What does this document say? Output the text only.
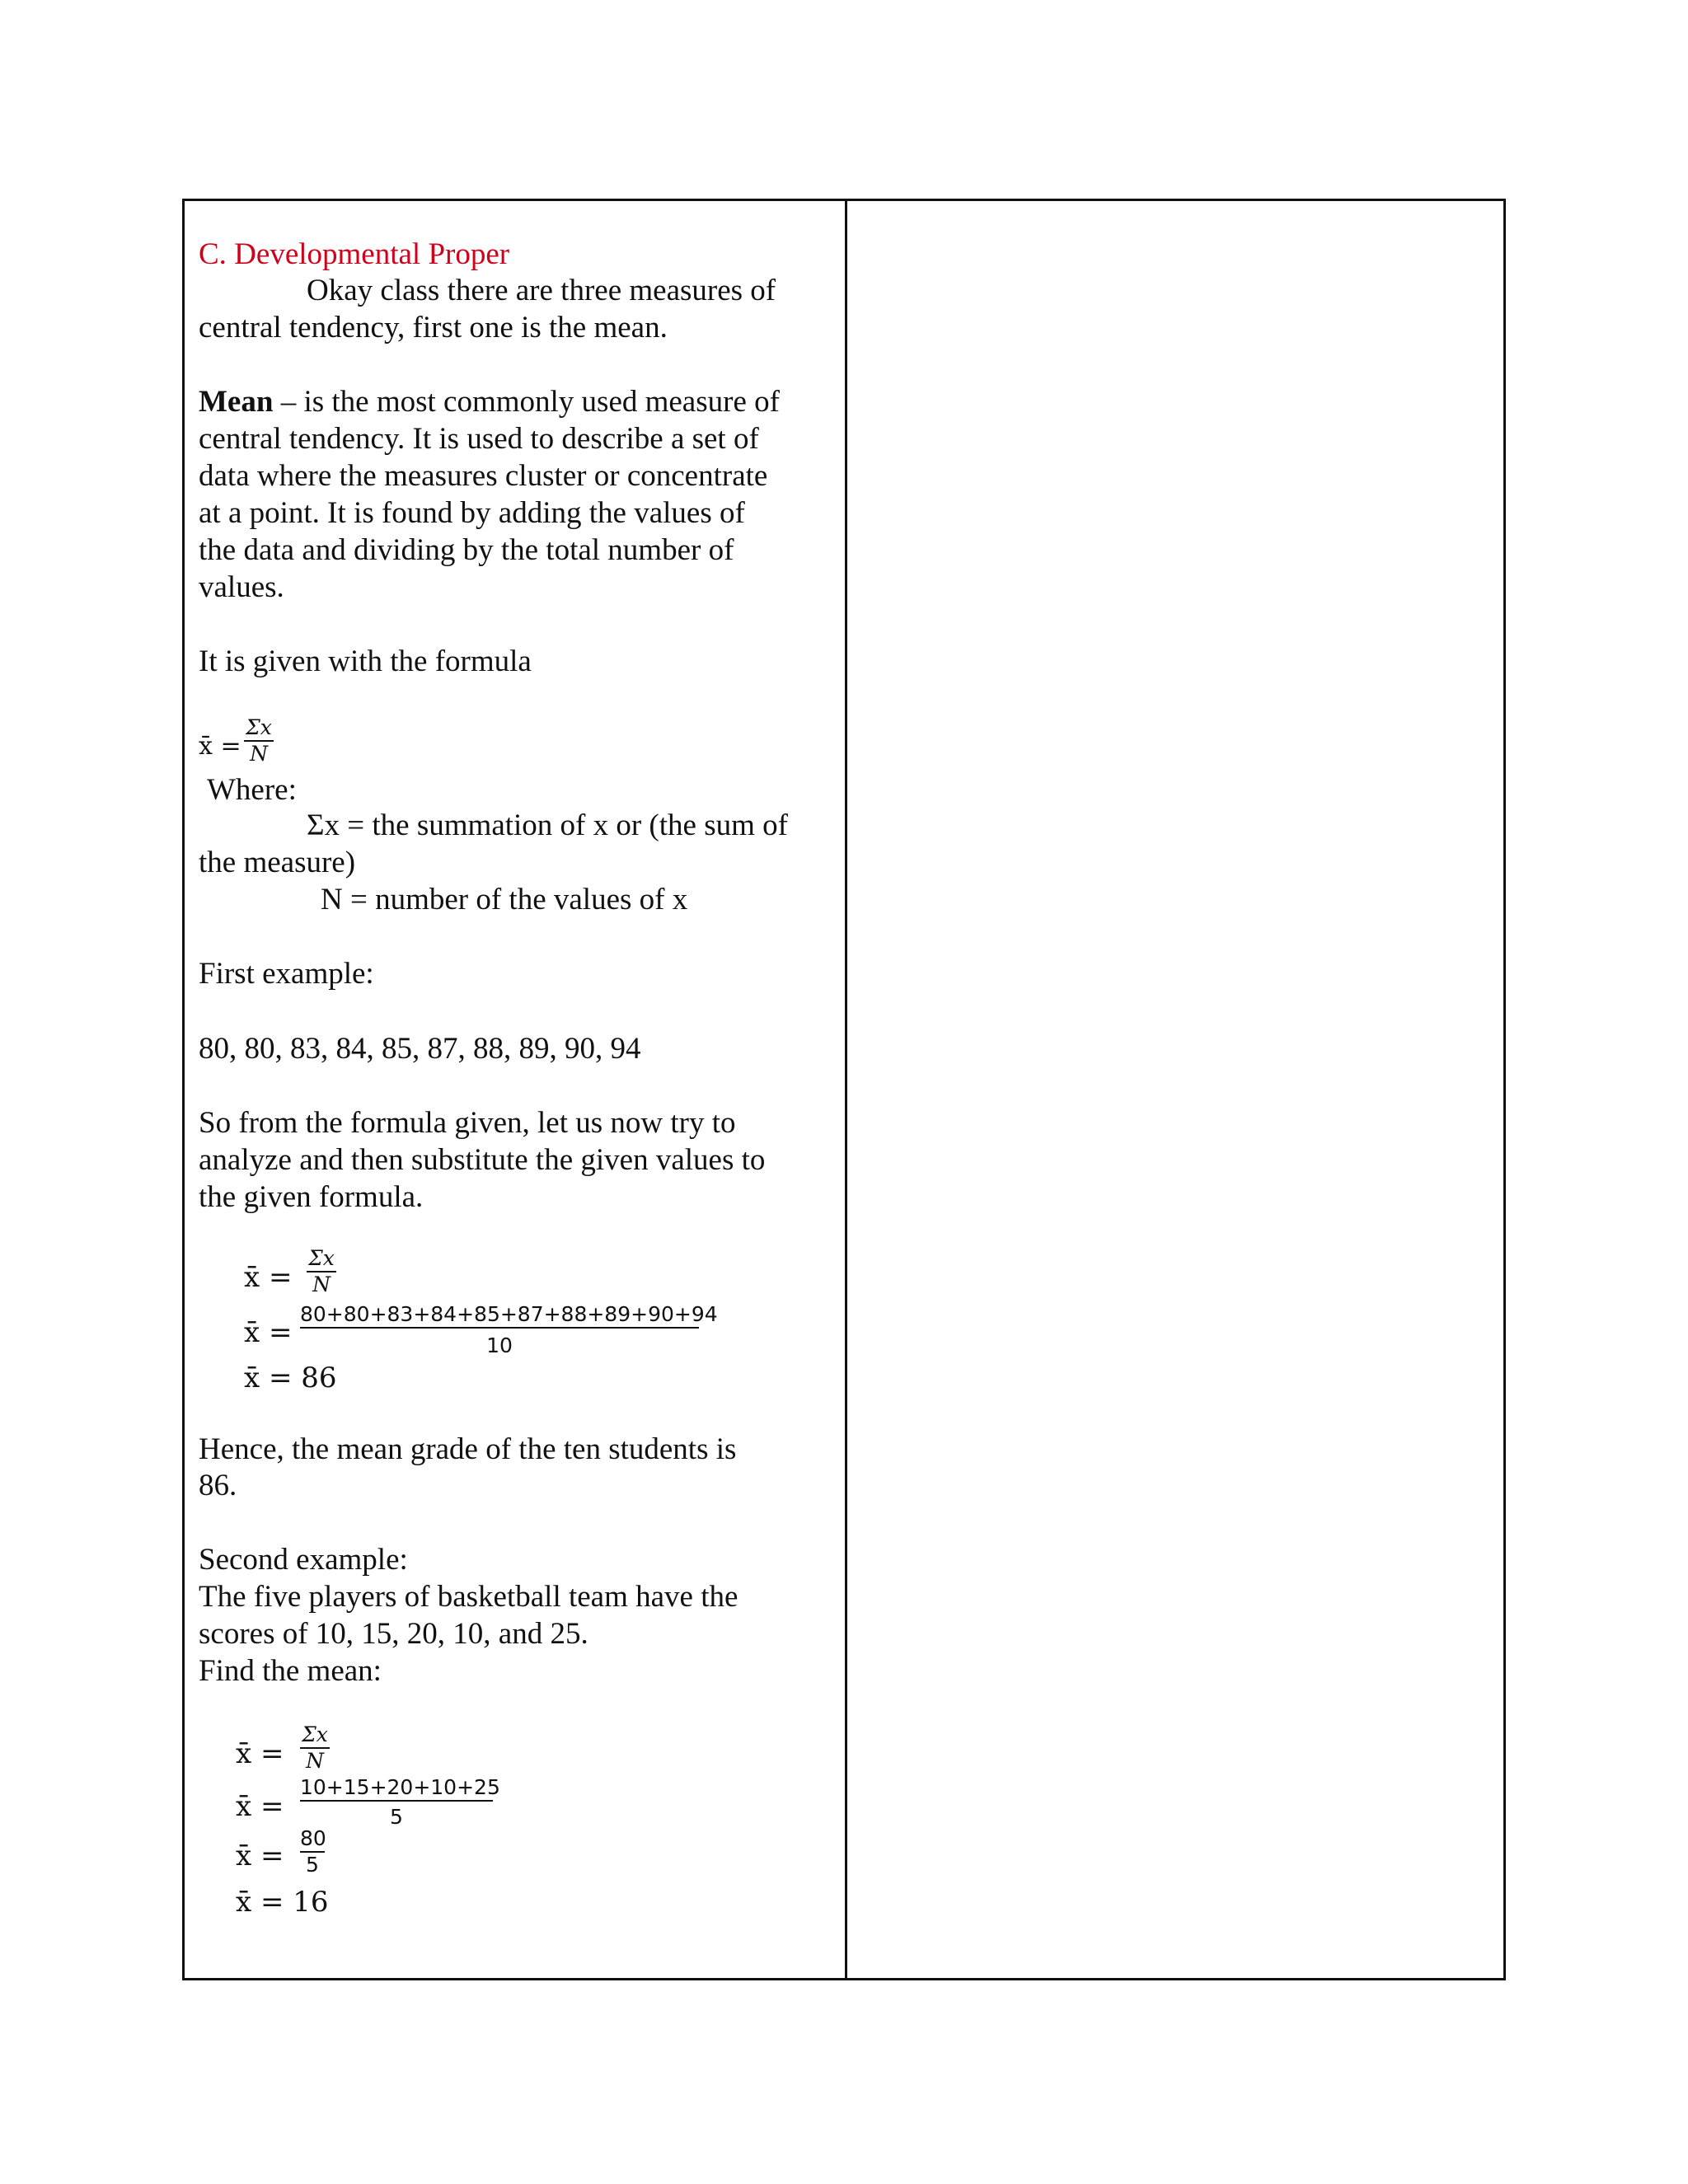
C. Developmental Proper
Okay class there are three measures of
central tendency, first one is the mean.
Mean – is the most commonly used measure of
central tendency. It is used to describe a set of
data where the measures cluster or concentrate
at a point. It is found by adding the values of
the data and dividing by the total number of
values.
It is given with the formula
x̄ =
Σx
N
Where:
Σx = the summation of x or (the sum of
the measure)
N = number of the values of x
First example:
80, 80, 83, 84, 85, 87, 88, 89, 90, 94
So from the formula given, let us now try to
analyze and then substitute the given values to
the given formula.
x̄ =
Σx
N
x̄ =
80+80+83+84+85+87+88+89+90+94
10
x̄ = 86
Hence, the mean grade of the ten students is
86.
Second example:
The five players of basketball team have the
scores of 10, 15, 20, 10, and 25.
Find the mean:
x̄ =
Σx
N
x̄ =
10+15+20+10+25
5
x̄ =
80
5
x̄ = 16
